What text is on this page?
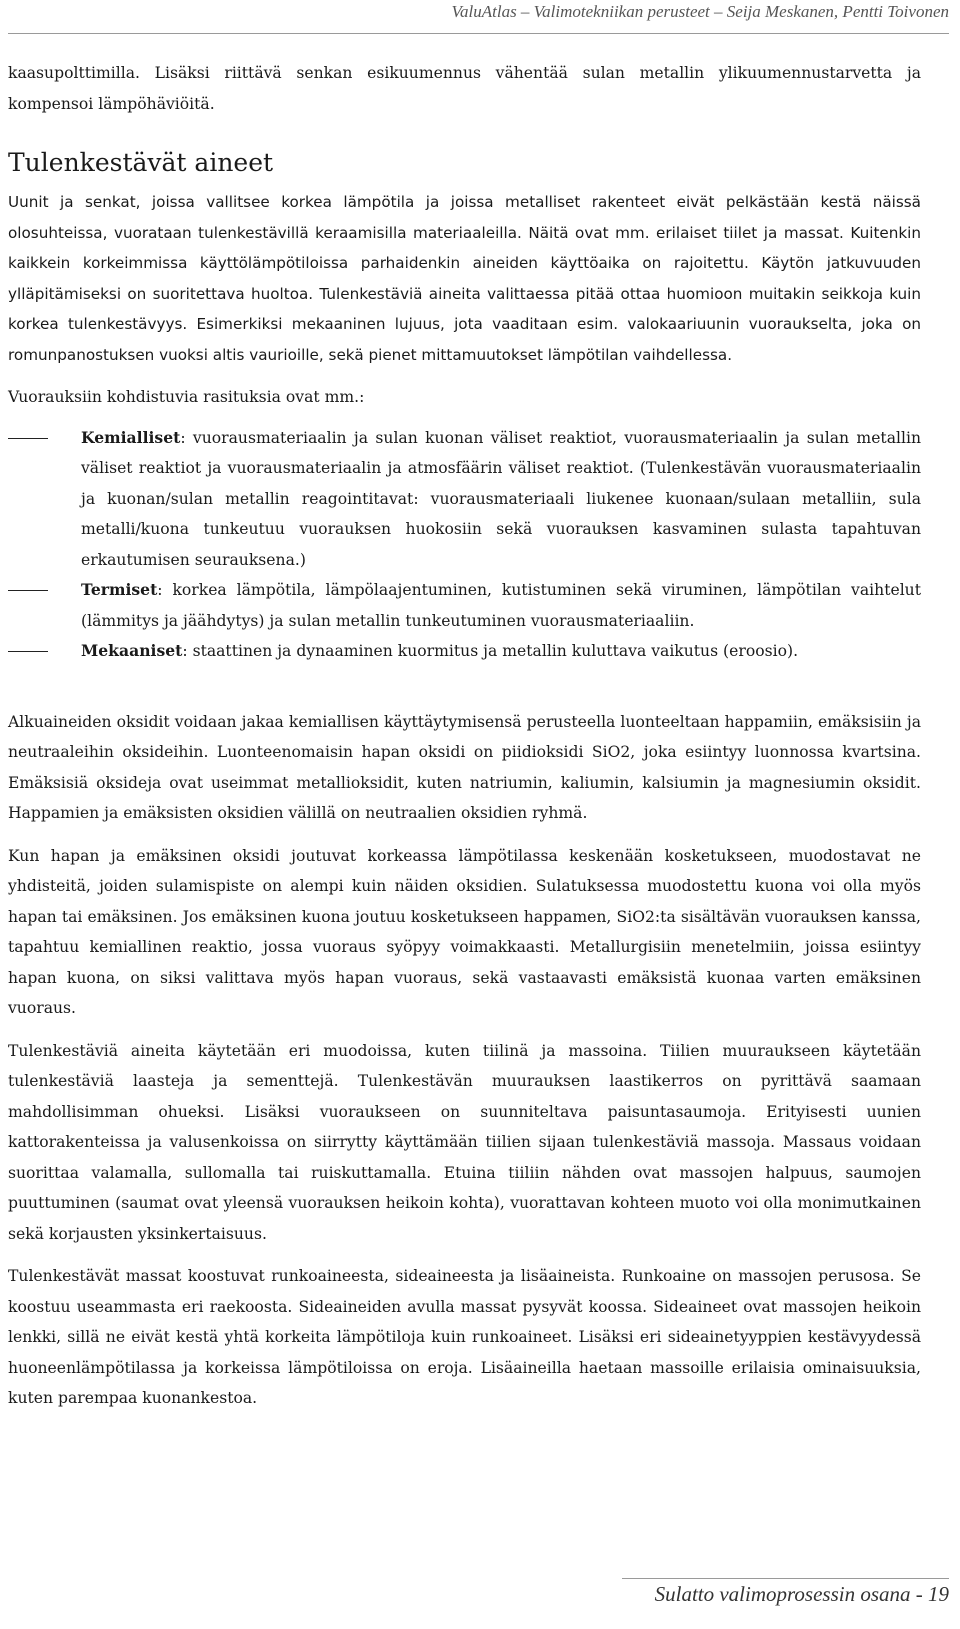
ValuAtlas – Valimotekniikan perusteet – Seija Meskanen, Pentti Toivonen

kaasupolttimilla. Lisäksi riittävä senkan esikuumennus vähentää sulan metallin ylikuumennustarvetta ja kompensoi lämpöhäviöitä.

Tulenkestävät aineet

Uunit ja senkat, joissa vallitsee korkea lämpötila ja joissa metalliset rakenteet eivät pelkästään kestä näissä olosuhteissa, vuorataan tulenkestävillä keraamisilla materiaaleilla. Näitä ovat mm. erilaiset tiilet ja massat. Kuitenkin kaikkein korkeimmissa käyttölämpötiloissa parhaidenkin aineiden käyttöaika on rajoitettu. Käytön jatkuvuuden ylläpitämiseksi on suoritettava huoltoa. Tulenkestäviä aineita valittaessa pitää ottaa huomioon muitakin seikkoja kuin korkea tulenkestävyys. Esimerkiksi mekaaninen lujuus, jota vaaditaan esim. valokaariuunin vuoraukselta, joka on romunpanostuksen vuoksi altis vaurioille, sekä pienet mittamuutokset lämpötilan vaihdellessa.

Vuorauksiin kohdistuvia rasituksia ovat mm.:

Kemialliset: vuorausmateriaalin ja sulan kuonan väliset reaktiot, vuorausmateriaalin ja sulan metallin väliset reaktiot ja vuorausmateriaalin ja atmosfäärin väliset reaktiot. (Tulenkestävän vuorausmateriaalin ja kuonan/sulan metallin reagointitavat: vuorausmateriaali liukenee kuonaan/sulaan metalliin, sula metalli/kuona tunkeutuu vuorauksen huokosiin sekä vuorauksen kasvaminen sulasta tapahtuvan erkautumisen seurauksena.)
Termiset: korkea lämpötila, lämpölaajentuminen, kutistuminen sekä viruminen, lämpötilan vaihtelut (lämmitys ja jäähdytys) ja sulan metallin tunkeutuminen vuorausmateriaaliin.
Mekaaniset: staattinen ja dynaaminen kuormitus ja metallin kuluttava vaikutus (eroosio).

Alkuaineiden oksidit voidaan jakaa kemiallisen käyttäytymisensä perusteella luonteeltaan happamiin, emäksisiin ja neutraaleihin oksideihin. Luonteenomaisin hapan oksidi on piidioksidi SiO2, joka esiintyy luonnossa kvartsina. Emäksisiä oksideja ovat useimmat metallioksidit, kuten natriumin, kaliumin, kalsiumin ja magnesiumin oksidit. Happamien ja emäksisten oksidien välillä on neutraalien oksidien ryhmä.

Kun hapan ja emäksinen oksidi joutuvat korkeassa lämpötilassa keskenään kosketukseen, muodostavat ne yhdisteitä, joiden sulamispiste on alempi kuin näiden oksidien. Sulatuksessa muodostettu kuona voi olla myös hapan tai emäksinen. Jos emäksinen kuona joutuu kosketukseen happamen, SiO2:ta sisältävän vuorauksen kanssa, tapahtuu kemiallinen reaktio, jossa vuoraus syöpyy voimakkaasti. Metallurgisiin menetelmiin, joissa esiintyy hapan kuona, on siksi valittava myös hapan vuoraus, sekä vastaavasti emäksistä kuonaa varten emäksinen vuoraus.

Tulenkestäviä aineita käytetään eri muodoissa, kuten tiilinä ja massoina. Tiilien muuraukseen käytetään tulenkestäviä laasteja ja sementtejä. Tulenkestävän muurauksen laastikerros on pyrittävä saamaan mahdollisimman ohueksi. Lisäksi vuoraukseen on suunniteltava paisuntasaumoja. Erityisesti uunien kattorakenteissa ja valusenkoissa on siirrytty käyttämään tiilien sijaan tulenkestäviä massoja. Massaus voidaan suorittaa valamalla, sullomalla tai ruiskuttamalla. Etuina tiiliin nähden ovat massojen halpuus, saumojen puuttuminen (saumat ovat yleensä vuorauksen heikoin kohta), vuorattavan kohteen muoto voi olla monimutkainen sekä korjausten yksinkertaisuus.

Tulenkestävät massat koostuvat runkoaineesta, sideaineesta ja lisäaineista. Runkoaine on massojen perusosa. Se koostuu useammasta eri raekoosta. Sideaineiden avulla massat pysyvät koossa. Sideaineet ovat massojen heikoin lenkki, sillä ne eivät kestä yhtä korkeita lämpötiloja kuin runkoaineet. Lisäksi eri sideainetyyppien kestävyydessä huoneenlämpötilassa ja korkeissa lämpötiloissa on eroja. Lisäaineilla haetaan massoille erilaisia ominaisuuksia, kuten parempaa kuonankestoa.

Sulatto valimoprosessin osana - 19
